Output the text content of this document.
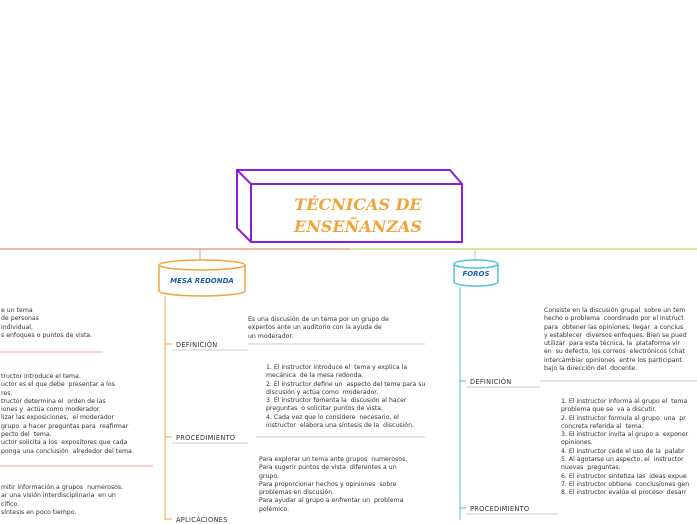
TÉCNICAS DE
ENSEÑANZAS
MESA REDONDA
FOROS
DEFINICIÓN
Es una discusión de un tema por un grupo de
expertos ante un auditorio con la ayuda de
un moderador.
PROCEDIMIENTO
1. El instructor introduce el  tema y explica la
mecánica  de la mesa redonda.
2. El instructor define un  aspecto del tema para su
discusión y actúa como  moderador.
3. El instructor fomenta la  discusión al hacer
preguntas  o solicitar puntos de vista.
4. Cada vez que lo considere  necesario, el
instructor  elabora una síntesis de la  discusión.
APLICACIONES
Para explorar un tema ante grupos  numerosos.
Para sugerir puntos de vista  diferentes a un
grupo.
Para proporcionar hechos y opiniones  sobre
problemas en discusión.
Para ayudar al grupo a enfrentar un  problema
polémico.
e un tema
de personas
individual,
s enfoques o puntos de vista.
tructor introduce el tema.
uctor es el que debe  presentar a los
res.
tructor determina el  orden de las
iones y  actúa como moderador.
lizar las exposiciones,  el moderador
grupo  a hacer preguntas para  reafirmar
pecto del  tema.
uctor solicita a los  expositores que cada
ponga una conclusión  alrededor del tema.
mitir información a grupos  numerosos.
ar una visión interdisciplinaria  en un
cífico.
síntesis en poco tiempo.
DEFINICIÓN
Consiste en la discusión grupal  sobre un tem
hecho o problema  coordinado por el instruct
para  obtener las opiniones, llegar  a conclus
y establecer  diversos enfoques. Bien se pued
utilizar  para esta técnica, la  plataforma vir
en  su defecto, los correos  electrónicos (chat
intercambiar opiniones  entre los participant
bajo la dirección del  docente.
PROCEDIMIENTO
1. El instructor informa al grupo el  tema
problema que se  va a discutir.
2. El instructor formula al grupo  una  pr
concreta referida al  tema.
3. El instructor invita al grupo a  exponer
opiniones.
4. El instructor cede el uso de la  palabr
5. Al agotarse un aspecto, el  instructor
nuevas  preguntas.
6. El instructor sintetiza las  ideas expue
7. El instructor obtiene  conclusiones gen
8. El instructor evalúa el proceso  desarr
